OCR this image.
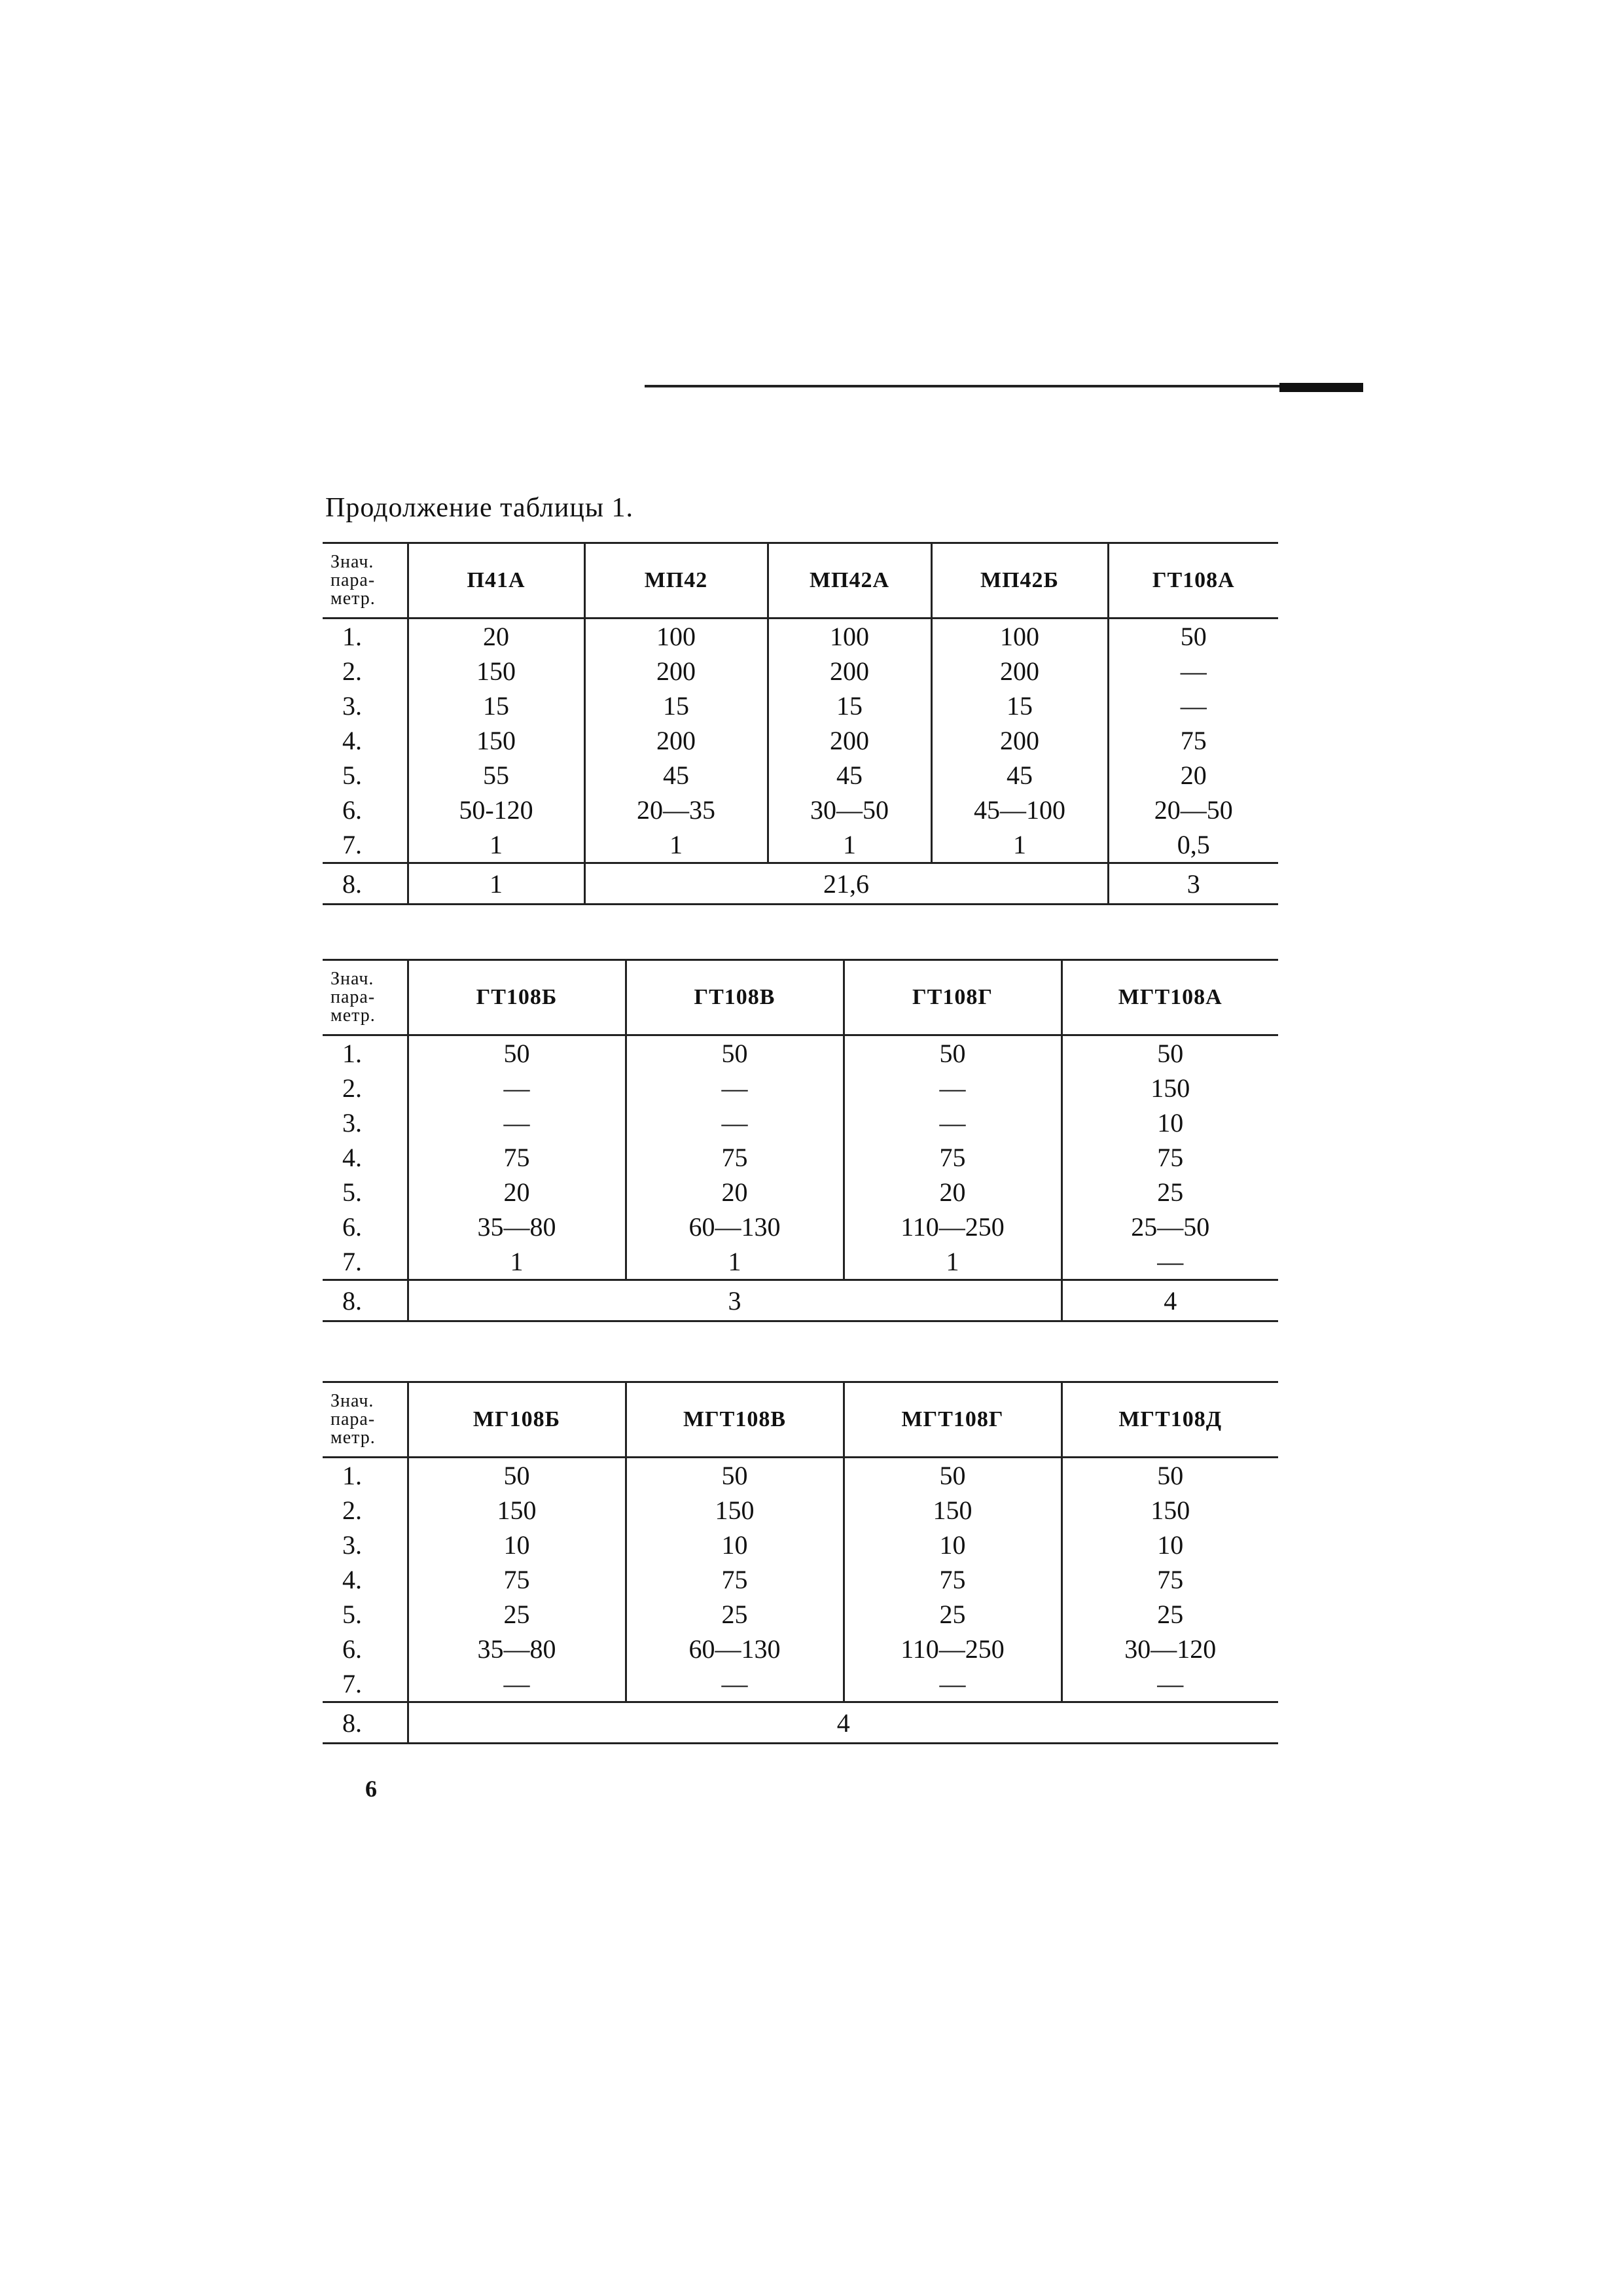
Продолжение таблицы 1.
Знач.
пара-
метр.	П41А	МП42	МП42А	МП42Б	ГТ108А
1.	20	100	100	100	50
2.	150	200	200	200	—
3.	15	15	15	15	—
4.	150	200	200	200	75
5.	55	45	45	45	20
6.	50-120	20—35	30—50	45—100	20—50
7.	1	1	1	1	0,5
8.	1	21,6			3
Знач.
пара-
метр.	ГТ108Б	ГТ108В	ГТ108Г	МГТ108А
1.	50	50	50	50
2.	—	—	—	150
3.	—	—	—	10
4.	75	75	75	75
5.	20	20	20	25
6.	35—80	60—130	110—250	25—50
7.	1	1	1	—
8.	3			4
Знач.
пара-
метр.	МГ108Б	МГТ108В	МГТ108Г	МГТ108Д
1.	50	50	50	50
2.	150	150	150	150
3.	10	10	10	10
4.	75	75	75	75
5.	25	25	25	25
6.	35—80	60—130	110—250	30—120
7.	—	—	—	—
8.	4			
6
